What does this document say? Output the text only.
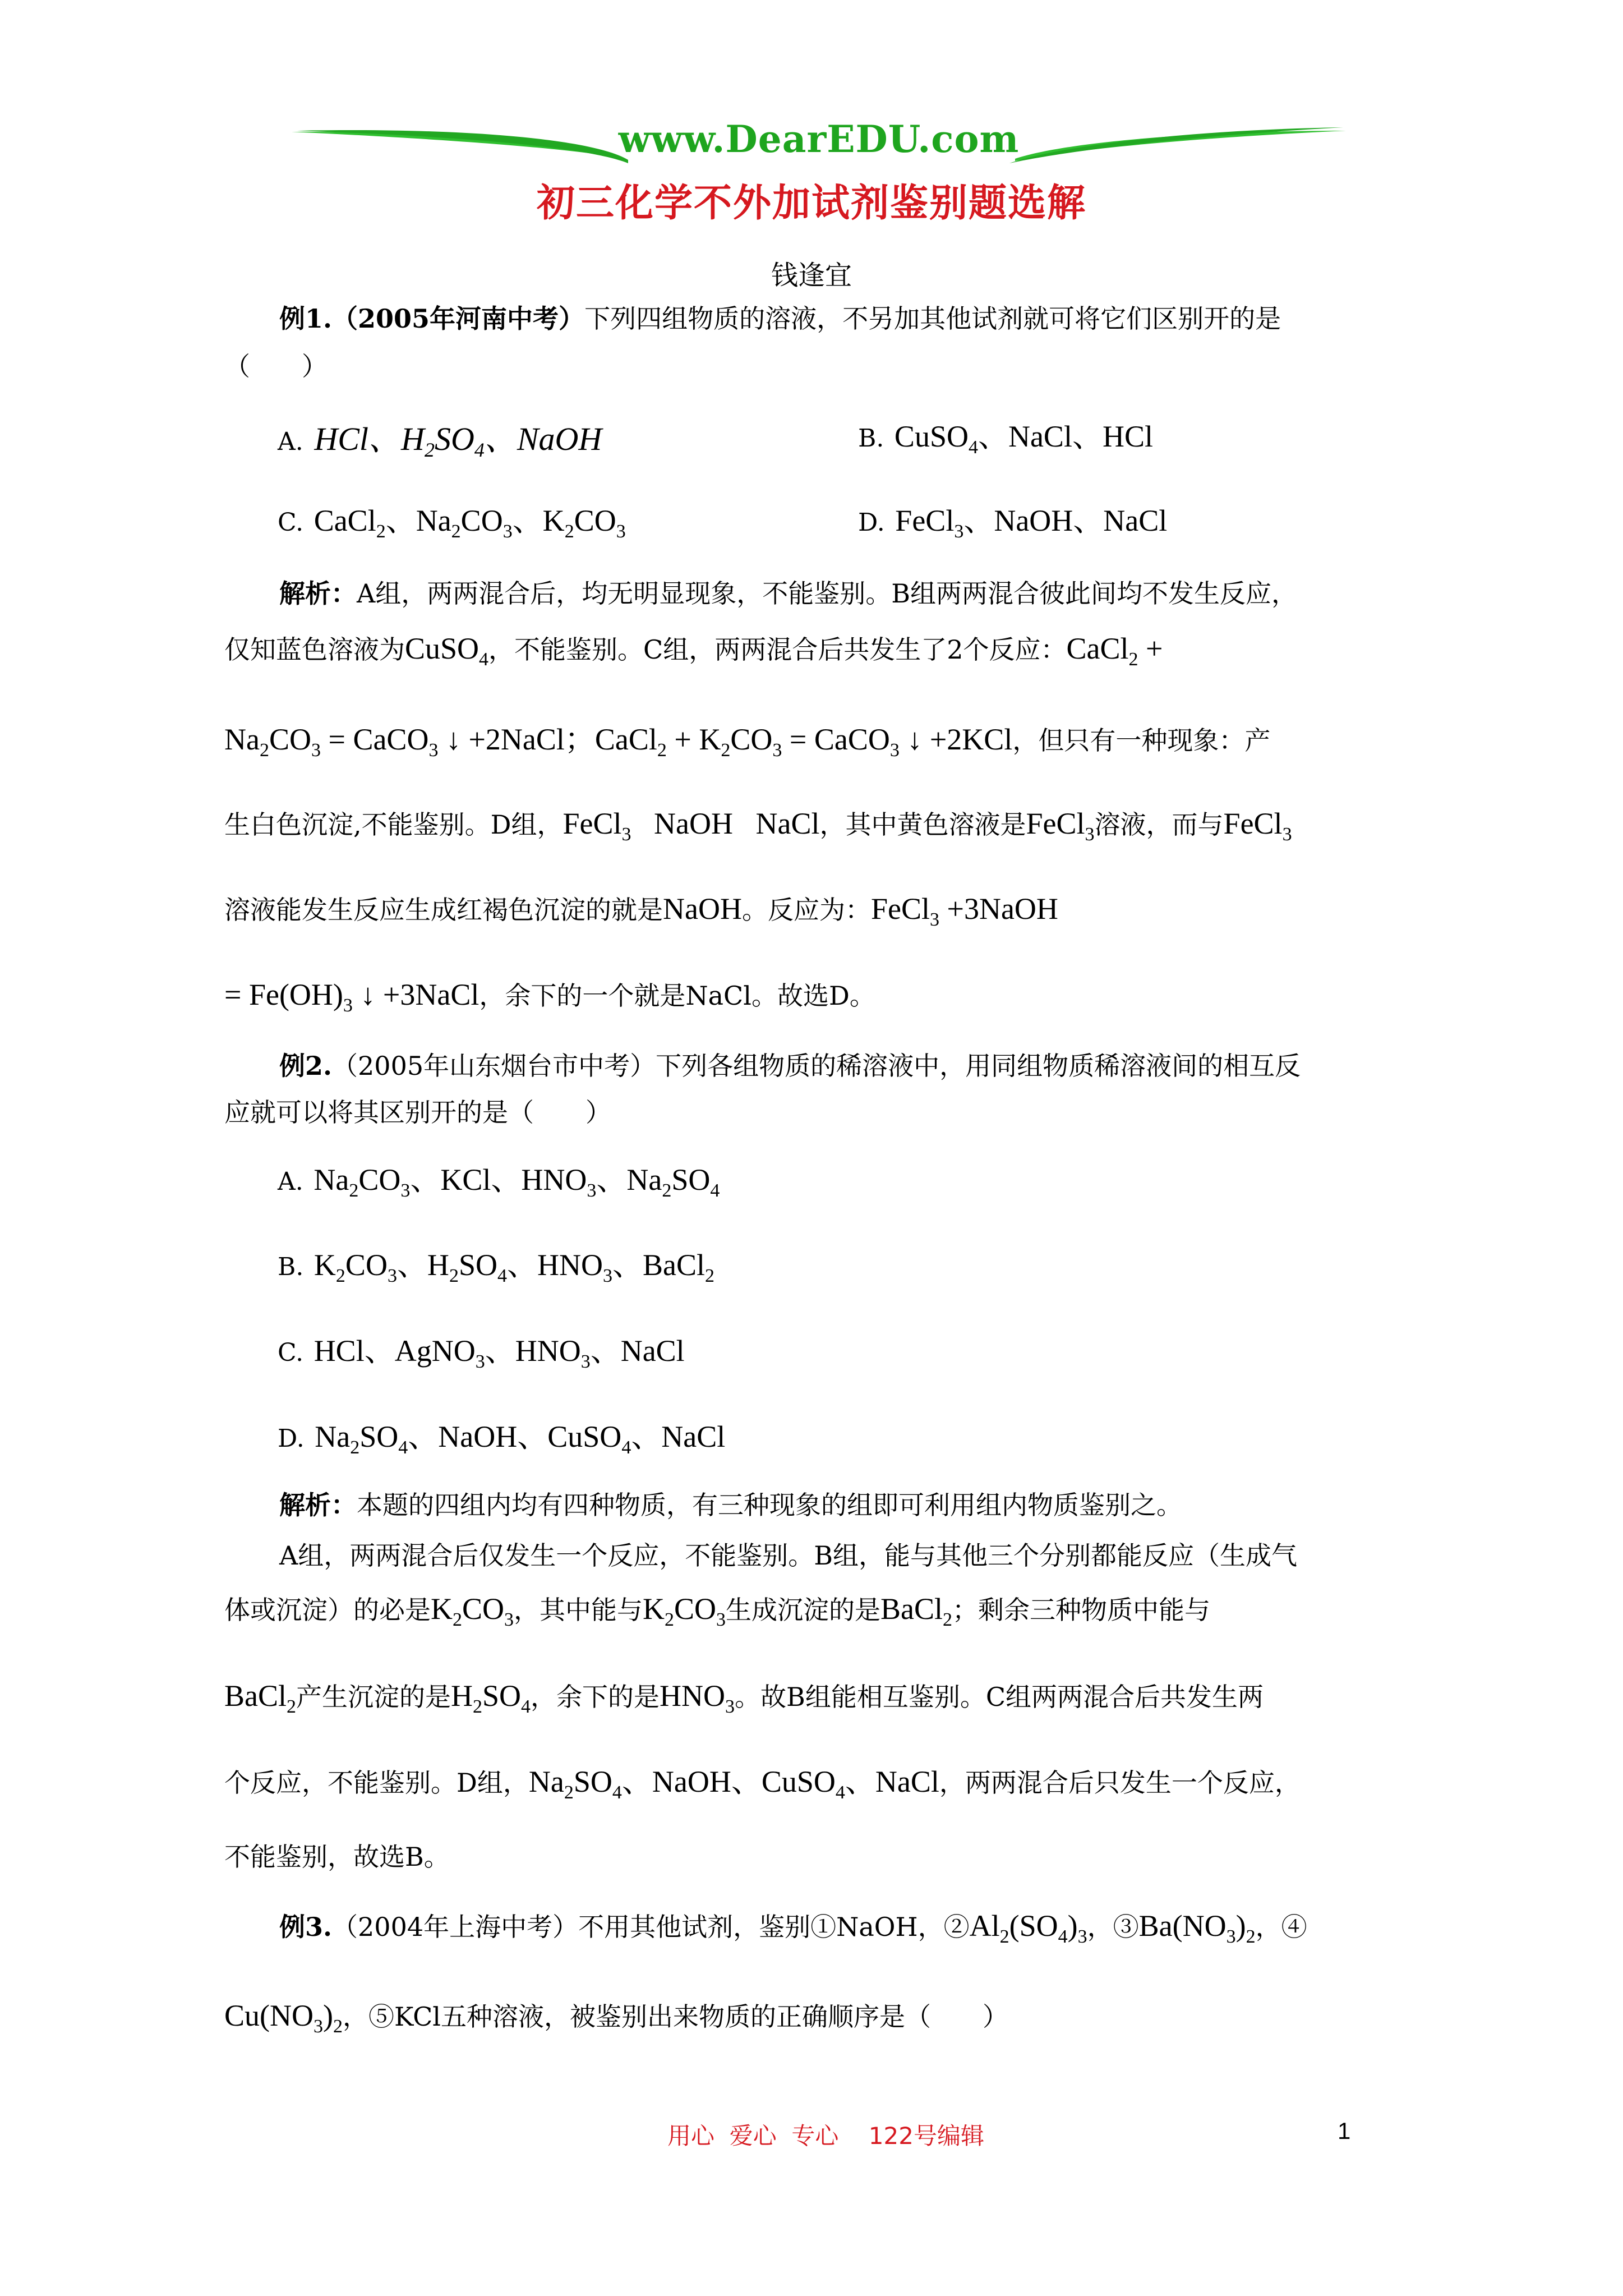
www.DearEDU.com
初三化学不外加试剂鉴别题选解
钱逢宜
例1.（2005年河南中考）下列四组物质的溶液，不另加其他试剂就可将它们区别开的是
（　　）
A.  HCl、$H_2SO_4$、NaOH	B.  CuSO$_4$、NaCl、HCl
C.  CaCl$_2$、$Na_2CO_3$、$K_2CO_3$	D.  FeCl$_3$、NaOH、NaCl
解析：A组，两两混合后，均无明显现象，不能鉴别。B组两两混合彼此间均不发生反应，
仅知蓝色溶液为CuSO$_4$，不能鉴别。C组，两两混合后共发生了2个反应：CaCl$_2$ +
$Na_2CO_3$ = CaCO$_3$ ↓ +2NaCl；CaCl$_2$ + $K_2CO_3$ = CaCO$_3$ ↓ +2KCl，但只有一种现象：产
生白色沉淀,不能鉴别。D组，FeCl$_3$   NaOH   NaCl，其中黄色溶液是FeCl$_3$溶液，而与FeCl$_3$
溶液能发生反应生成红褐色沉淀的就是NaOH。反应为：FeCl$_3$ +3NaOH
= $Fe(OH)_3$ ↓ +3NaCl，余下的一个就是NaCl。故选D。
例2.（2005年山东烟台市中考）下列各组物质的稀溶液中，用同组物质稀溶液间的相互反
应就可以将其区别开的是（　　）
A.  $Na_2CO_3$、KCl、$HNO_3$、$Na_2SO_4$
B.  $K_2CO_3$、$H_2SO_4$、$HNO_3$、BaCl$_2$
C.  HCl、AgNO$_3$、$HNO_3$、NaCl
D.  $Na_2SO_4$、NaOH、CuSO$_4$、NaCl
解析：本题的四组内均有四种物质，有三种现象的组即可利用组内物质鉴别之。
A组，两两混合后仅发生一个反应，不能鉴别。B组，能与其他三个分别都能反应（生成气
体或沉淀）的必是$K_2CO_3$，其中能与$K_2CO_3$生成沉淀的是BaCl$_2$；剩余三种物质中能与
BaCl$_2$产生沉淀的是$H_2SO_4$，余下的是$HNO_3$。故B组能相互鉴别。C组两两混合后共发生两
个反应，不能鉴别。D组，$Na_2SO_4$、NaOH、CuSO$_4$、NaCl，两两混合后只发生一个反应，
不能鉴别，故选B。
例3.（2004年上海中考）不用其他试剂，鉴别①NaOH，$②Al_2(SO_4)_3$，$③Ba(NO_3)_2$，④
$Cu(NO_3)_2$，⑤KCl五种溶液，被鉴别出来物质的正确顺序是（　　）
用心  爱心  专心    122号编辑	1
